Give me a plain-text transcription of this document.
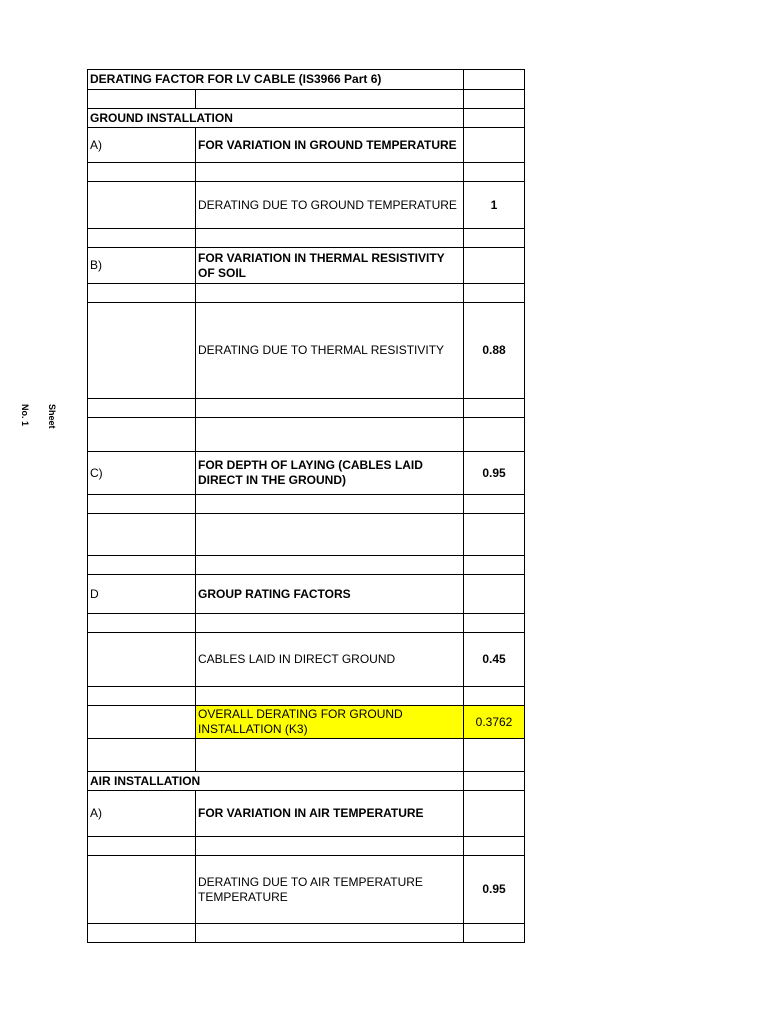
Sheet

No. 1

DERATING FACTOR FOR LV CABLE (IS3966 Part 6)		

GROUND INSTALLATION		
A)	FOR VARIATION IN GROUND TEMPERATURE	

	DERATING DUE TO GROUND TEMPERATURE	1

B)	FOR VARIATION IN THERMAL RESISTIVITY OF SOIL	

	DERATING DUE TO THERMAL RESISTIVITY	0.88

C)	FOR DEPTH OF LAYING (CABLES LAID DIRECT IN THE GROUND)	0.95

D	GROUP RATING FACTORS	

	CABLES LAID IN DIRECT GROUND	0.45

	OVERALL DERATING FOR GROUND INSTALLATION (K3)	0.3762

AIR INSTALLATION		
A)	FOR VARIATION IN AIR TEMPERATURE	

	DERATING DUE TO AIR TEMPERATURE TEMPERATURE	0.95
